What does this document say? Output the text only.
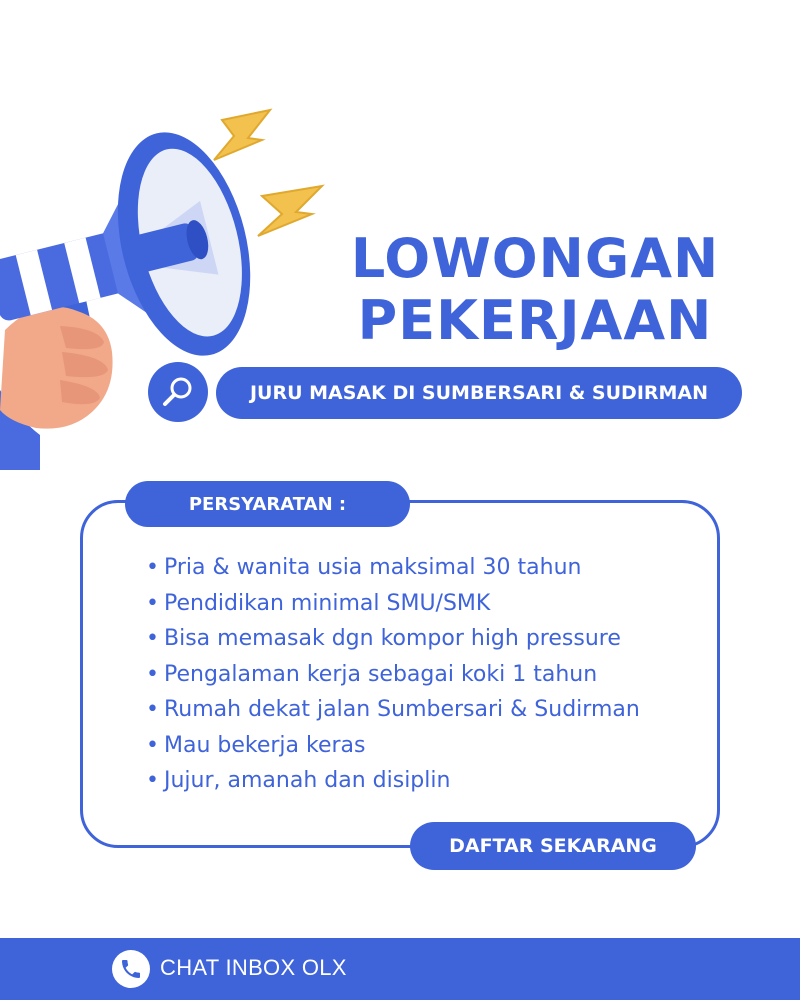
LOWONGAN
PEKERJAAN
JURU MASAK DI SUMBERSARI & SUDIRMAN
PERSYARATAN :
• Pria & wanita usia maksimal 30 tahun
• Pendidikan minimal SMU/SMK
• Bisa memasak dgn kompor high pressure
• Pengalaman kerja sebagai koki 1 tahun
• Rumah dekat jalan Sumbersari & Sudirman
• Mau bekerja keras
• Jujur, amanah dan disiplin
DAFTAR SEKARANG
CHAT INBOX OLX
